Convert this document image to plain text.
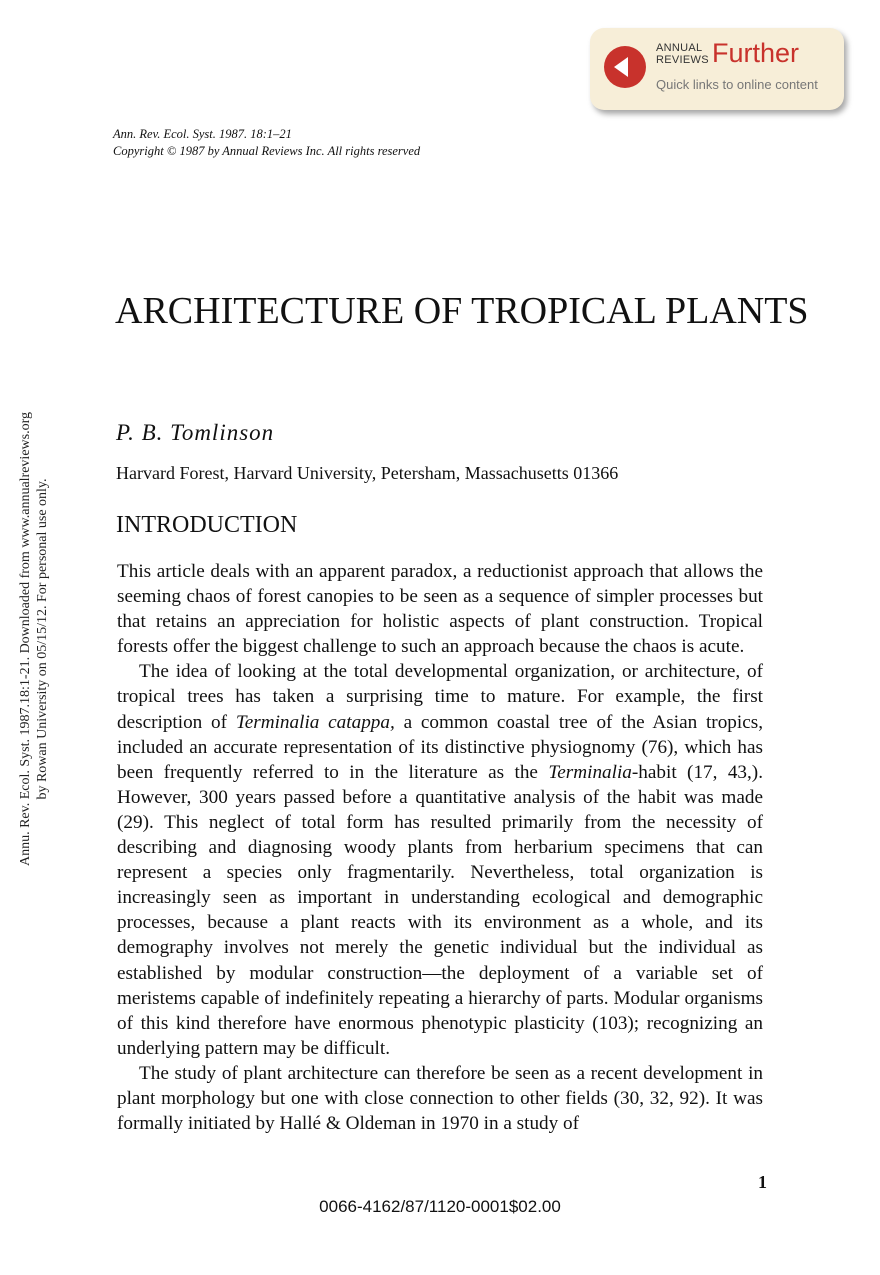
ANNUAL
REVIEWS Further
Quick links to online content
Ann. Rev. Ecol. Syst. 1987. 18:1–21
Copyright © 1987 by Annual Reviews Inc. All rights reserved
Annu. Rev. Ecol. Syst. 1987.18:1-21. Downloaded from www.annualreviews.org by Rowan University on 05/15/12. For personal use only.
ARCHITECTURE OF TROPICAL PLANTS
P. B. Tomlinson
Harvard Forest, Harvard University, Petersham, Massachusetts 01366
INTRODUCTION

This article deals with an apparent paradox, a reductionist approach that allows the seeming chaos of forest canopies to be seen as a sequence of simpler processes but that retains an appreciation for holistic aspects of plant construction. Tropical forests offer the biggest challenge to such an approach because the chaos is acute.

The idea of looking at the total developmental organization, or architecture, of tropical trees has taken a surprising time to mature. For example, the first description of Terminalia catappa, a common coastal tree of the Asian tropics, included an accurate representation of its distinctive physiognomy (76), which has been frequently referred to in the literature as the Terminalia-habit (17, 43,). However, 300 years passed before a quantitative analysis of the habit was made (29). This neglect of total form has resulted primarily from the necessity of describing and diagnosing woody plants from herbarium specimens that can represent a species only fragmentarily. Nevertheless, total organization is increasingly seen as important in understanding ecological and demographic processes, because a plant reacts with its environment as a whole, and its demography involves not merely the genetic individual but the individual as established by modular construction—the deployment of a variable set of meristems capable of indefinitely repeating a hierarchy of parts. Modular organisms of this kind therefore have enormous phenotypic plasticity (103); recognizing an underlying pattern may be difficult.

The study of plant architecture can therefore be seen as a recent development in plant morphology but one with close connection to other fields (30, 32, 92). It was formally initiated by Hallé & Oldeman in 1970 in a study of

1
0066-4162/87/1120-0001$02.00
